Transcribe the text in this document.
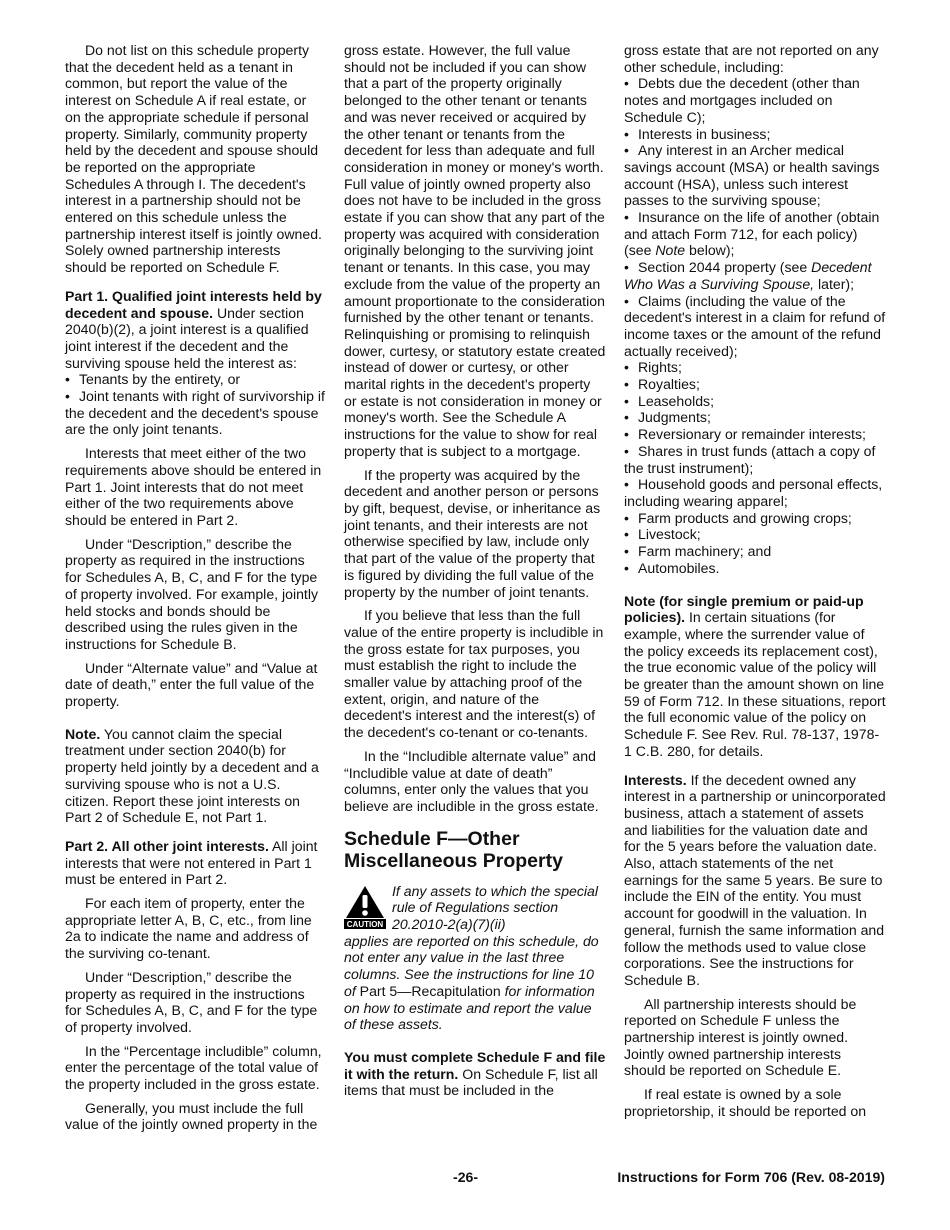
Do not list on this schedule property that the decedent held as a tenant in common, but report the value of the interest on Schedule A if real estate, or on the appropriate schedule if personal property. Similarly, community property held by the decedent and spouse should be reported on the appropriate Schedules A through I. The decedent's interest in a partnership should not be entered on this schedule unless the partnership interest itself is jointly owned. Solely owned partnership interests should be reported on Schedule F.

Part 1. Qualified joint interests held by decedent and spouse. Under section 2040(b)(2), a joint interest is a qualified joint interest if the decedent and the surviving spouse held the interest as:

• Tenants by the entirety, or
• Joint tenants with right of survivorship if the decedent and the decedent's spouse are the only joint tenants.

Interests that meet either of the two requirements above should be entered in Part 1. Joint interests that do not meet either of the two requirements above should be entered in Part 2.

Under “Description,” describe the property as required in the instructions for Schedules A, B, C, and F for the type of property involved. For example, jointly held stocks and bonds should be described using the rules given in the instructions for Schedule B.

Under “Alternate value” and “Value at date of death,” enter the full value of the property.

Note. You cannot claim the special treatment under section 2040(b) for property held jointly by a decedent and a surviving spouse who is not a U.S. citizen. Report these joint interests on Part 2 of Schedule E, not Part 1.

Part 2. All other joint interests. All joint interests that were not entered in Part 1 must be entered in Part 2.

For each item of property, enter the appropriate letter A, B, C, etc., from line 2a to indicate the name and address of the surviving co-tenant.

Under “Description,” describe the property as required in the instructions for Schedules A, B, C, and F for the type of property involved.

In the “Percentage includible” column, enter the percentage of the total value of the property included in the gross estate.

Generally, you must include the full value of the jointly owned property in the

gross estate. However, the full value should not be included if you can show that a part of the property originally belonged to the other tenant or tenants and was never received or acquired by the other tenant or tenants from the decedent for less than adequate and full consideration in money or money's worth. Full value of jointly owned property also does not have to be included in the gross estate if you can show that any part of the property was acquired with consideration originally belonging to the surviving joint tenant or tenants. In this case, you may exclude from the value of the property an amount proportionate to the consideration furnished by the other tenant or tenants. Relinquishing or promising to relinquish dower, curtesy, or statutory estate created instead of dower or curtesy, or other marital rights in the decedent's property or estate is not consideration in money or money's worth. See the Schedule A instructions for the value to show for real property that is subject to a mortgage.

If the property was acquired by the decedent and another person or persons by gift, bequest, devise, or inheritance as joint tenants, and their interests are not otherwise specified by law, include only that part of the value of the property that is figured by dividing the full value of the property by the number of joint tenants.

If you believe that less than the full value of the entire property is includible in the gross estate for tax purposes, you must establish the right to include the smaller value by attaching proof of the extent, origin, and nature of the decedent's interest and the interest(s) of the decedent's co-tenant or co-tenants.

In the “Includible alternate value” and “Includible value at date of death” columns, enter only the values that you believe are includible in the gross estate.

Schedule F—Other Miscellaneous Property
CAUTION
If any assets to which the special rule of Regulations section 20.2010-2(a)(7)(ii)

applies are reported on this schedule, do not enter any value in the last three columns. See the instructions for line 10 of Part 5—Recapitulation for information on how to estimate and report the value of these assets.

You must complete Schedule F and file it with the return. On Schedule F, list all items that must be included in the

gross estate that are not reported on any other schedule, including:

• Debts due the decedent (other than notes and mortgages included on Schedule C);
• Interests in business;
• Any interest in an Archer medical savings account (MSA) or health savings account (HSA), unless such interest passes to the surviving spouse;
• Insurance on the life of another (obtain and attach Form 712, for each policy) (see Note below);
• Section 2044 property (see Decedent Who Was a Surviving Spouse, later);
• Claims (including the value of the decedent's interest in a claim for refund of income taxes or the amount of the refund actually received);
• Rights;
• Royalties;
• Leaseholds;
• Judgments;
• Reversionary or remainder interests;
• Shares in trust funds (attach a copy of the trust instrument);
• Household goods and personal effects, including wearing apparel;
• Farm products and growing crops;
• Livestock;
• Farm machinery; and
• Automobiles.

Note (for single premium or paid-up policies). In certain situations (for example, where the surrender value of the policy exceeds its replacement cost), the true economic value of the policy will be greater than the amount shown on line 59 of Form 712. In these situations, report the full economic value of the policy on Schedule F. See Rev. Rul. 78-137, 1978-1 C.B. 280, for details.

Interests. If the decedent owned any interest in a partnership or unincorporated business, attach a statement of assets and liabilities for the valuation date and for the 5 years before the valuation date. Also, attach statements of the net earnings for the same 5 years. Be sure to include the EIN of the entity. You must account for goodwill in the valuation. In general, furnish the same information and follow the methods used to value close corporations. See the instructions for Schedule B.

All partnership interests should be reported on Schedule F unless the partnership interest is jointly owned. Jointly owned partnership interests should be reported on Schedule E.

If real estate is owned by a sole proprietorship, it should be reported on

-26-	Instructions for Form 706 (Rev. 08-2019)
